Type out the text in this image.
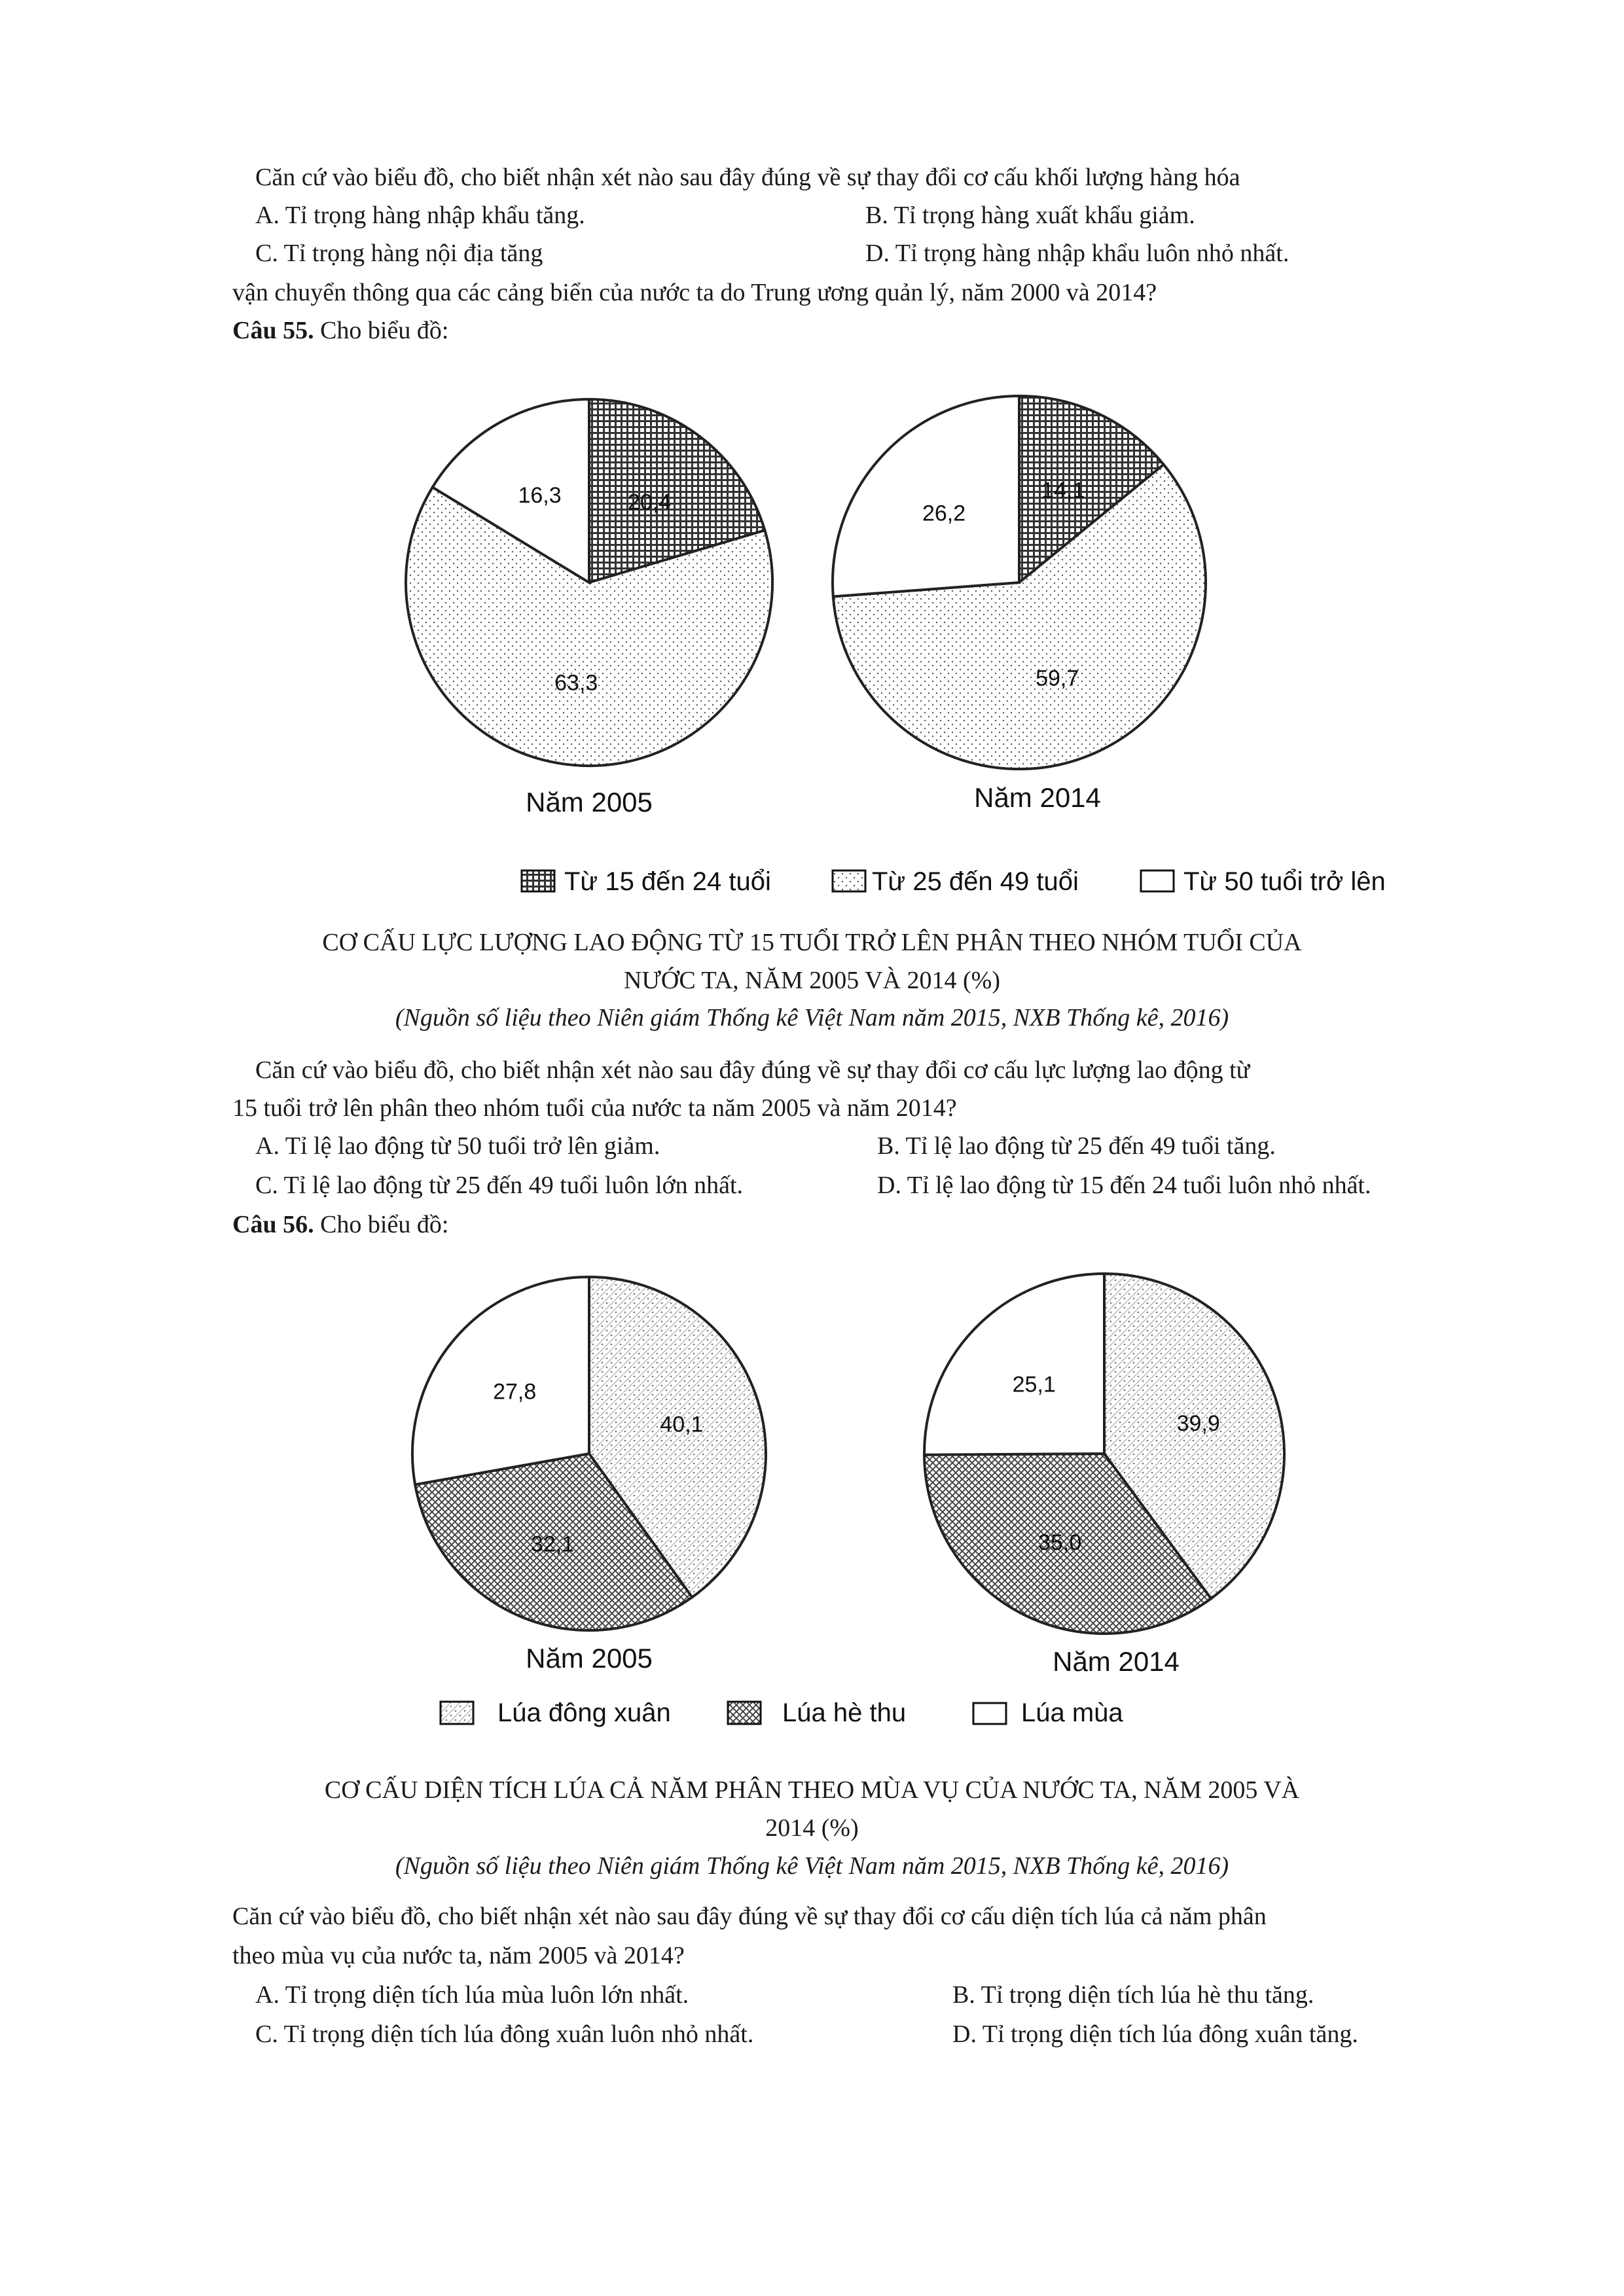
Căn cứ vào biểu đồ, cho biết nhận xét nào sau đây đúng về sự thay đổi cơ cấu khối lượng hàng hóa
A. Tỉ trọng hàng nhập khẩu tăng.	B. Tỉ trọng hàng xuất khẩu giảm.
C. Tỉ trọng hàng nội địa tăng	D. Tỉ trọng hàng nhập khẩu luôn nhỏ nhất.
vận chuyển thông qua các cảng biển của nước ta do Trung ương quản lý, năm 2000 và 2014?
Câu 55. Cho biểu đồ:
20,4
63,3
16,3	14,1
59,7
26,2
Năm 2005	Năm 2014
Từ 15 đến 24 tuổi	Từ 25 đến 49 tuổi	Từ 50 tuổi trở lên
CƠ CẤU LỰC LƯỢNG LAO ĐỘNG TỪ 15 TUỔI TRỞ LÊN PHÂN THEO NHÓM TUỔI CỦA
NƯỚC TA, NĂM 2005 VÀ 2014 (%)
(Nguồn số liệu theo Niên giám Thống kê Việt Nam năm 2015, NXB Thống kê, 2016)
Căn cứ vào biểu đồ, cho biết nhận xét nào sau đây đúng về sự thay đổi cơ cấu lực lượng lao động từ
15 tuổi trở lên phân theo nhóm tuổi của nước ta năm 2005 và năm 2014?
A. Tỉ lệ lao động từ 50 tuổi trở lên giảm.	B. Tỉ lệ lao động từ 25 đến 49 tuổi tăng.
C. Tỉ lệ lao động từ 25 đến 49 tuổi luôn lớn nhất.	D. Tỉ lệ lao động từ 15 đến 24 tuổi luôn nhỏ nhất.
Câu 56. Cho biểu đồ:
40,1
32,1
27,8
39,9
35,0
25,1
Năm 2005	Năm 2014
Lúa đông xuân	Lúa hè thu	Lúa mùa
CƠ CẤU DIỆN TÍCH LÚA CẢ NĂM PHÂN THEO MÙA VỤ CỦA NƯỚC TA, NĂM 2005 VÀ
2014 (%)
(Nguồn số liệu theo Niên giám Thống kê Việt Nam năm 2015, NXB Thống kê, 2016)
Căn cứ vào biểu đồ, cho biết nhận xét nào sau đây đúng về sự thay đổi cơ cấu diện tích lúa cả năm phân
theo mùa vụ của nước ta, năm 2005 và 2014?
A. Tỉ trọng diện tích lúa mùa luôn lớn nhất.	B. Tỉ trọng diện tích lúa hè thu tăng.
C. Tỉ trọng diện tích lúa đông xuân luôn nhỏ nhất.	D. Tỉ trọng diện tích lúa đông xuân tăng.
